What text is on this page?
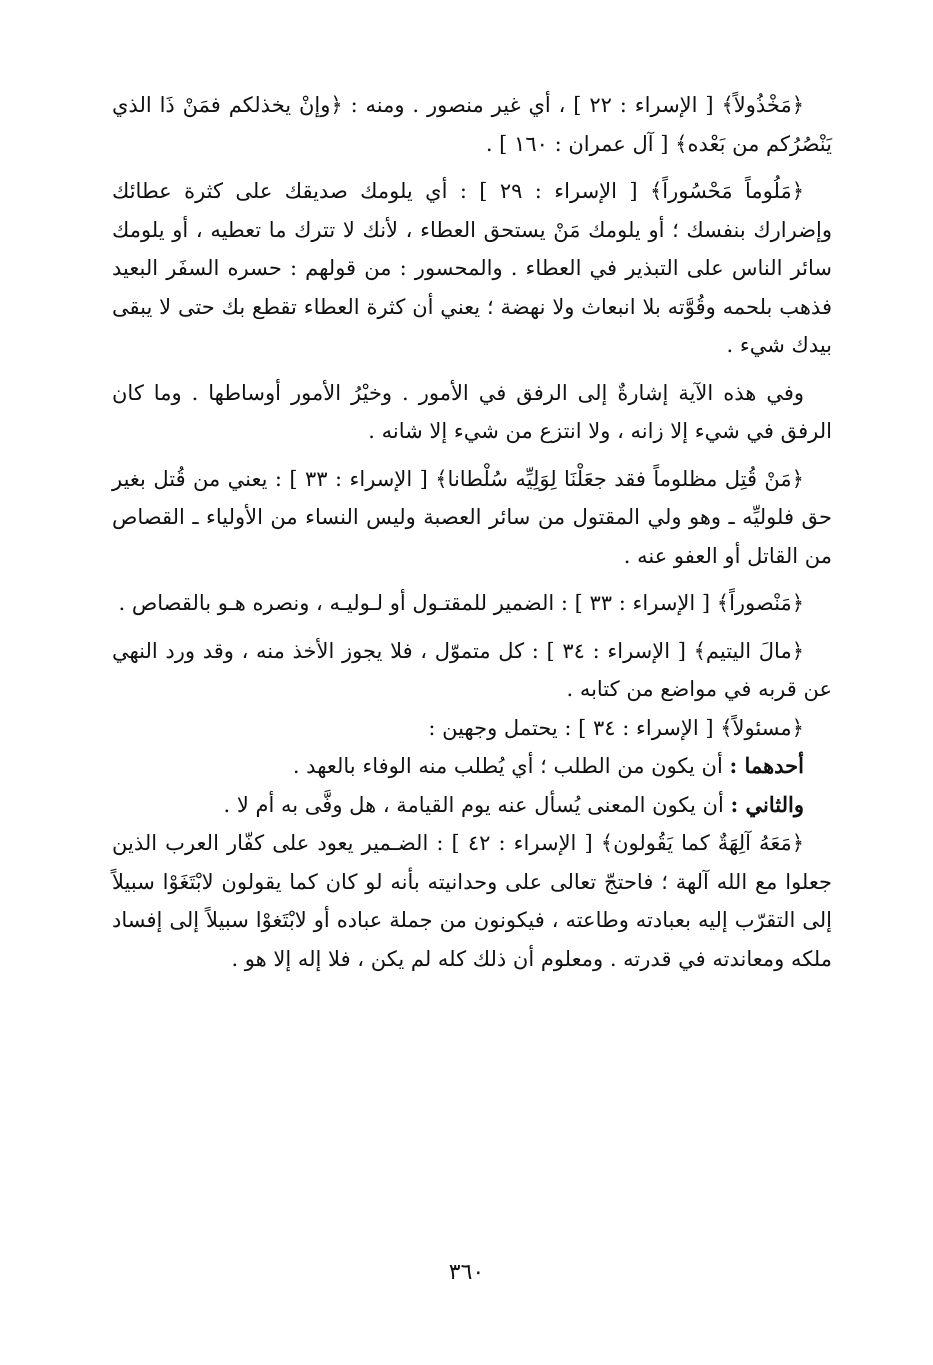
﴿مَخْذُولاً﴾ [ الإسراء : ٢٢ ] ، أي غير منصور . ومنه : ﴿وإنْ يخذلكم فمَنْ ذَا الذي يَنْصُرُكم من بَعْده﴾ [ آل عمران : ١٦٠ ] .

﴿مَلُوماً مَحْسُوراً﴾ [ الإسراء : ٢٩ ] : أي يلومك صديقك على كثرة عطائك وإضرارك بنفسك ؛ أو يلومك مَنْ يستحق العطاء ، لأنك لا تترك ما تعطيه ، أو يلومك سائر الناس على التبذير في العطاء . والمحسور : من قولهم : حسره السفَر البعيد فذهب بلحمه وقُوَّته بلا انبعاث ولا نهضة ؛ يعني أن كثرة العطاء تقطع بك حتى لا يبقى بيدك شيء .

وفي هذه الآية إشارةٌ إلى الرفق في الأمور . وخيْرُ الأمور أوساطها . وما كان الرفق في شيء إلا زانه ، ولا انتزع من شيء إلا شانه .

﴿مَنْ قُتِل مظلوماً فقد جعَلْنَا لِوَلِيِّه سُلْطانا﴾ [ الإسراء : ٣٣ ] : يعني من قُتل بغير حق فلوليِّه ـ وهو ولي المقتول من سائر العصبة وليس النساء من الأولياء ـ القصاص من القاتل أو العفو عنه .

﴿مَنْصوراً﴾ [ الإسراء : ٣٣ ] : الضمير للمقتـول أو لـوليـه ، ونصره هـو بالقصاص .

﴿مالَ اليتيم﴾ [ الإسراء : ٣٤ ] : كل متموّل ، فلا يجوز الأخذ منه ، وقد ورد النهي عن قربه في مواضع من كتابه .

﴿مسئولاً﴾ [ الإسراء : ٣٤ ] : يحتمل وجهين :

أحدهما : أن يكون من الطلب ؛ أي يُطلب منه الوفاء بالعهد .

والثاني : أن يكون المعنى يُسأل عنه يوم القيامة ، هل وفَّى به أم لا .

﴿مَعَهُ آلِهَةٌ كما يَقُولون﴾ [ الإسراء : ٤٢ ] : الضـمير يعود على كفّار العرب الذين جعلوا مع الله آلهة ؛ فاحتجّ تعالى على وحدانيته بأنه لو كان كما يقولون لابْتَغَوْا سبيلاً إلى التقرّب إليه بعبادته وطاعته ، فيكونون من جملة عباده أو لابْتَغوْا سبيلاً إلى إفساد ملكه ومعاندته في قدرته . ومعلوم أن ذلك كله لم يكن ، فلا إله إلا هو .

٣٦٠
